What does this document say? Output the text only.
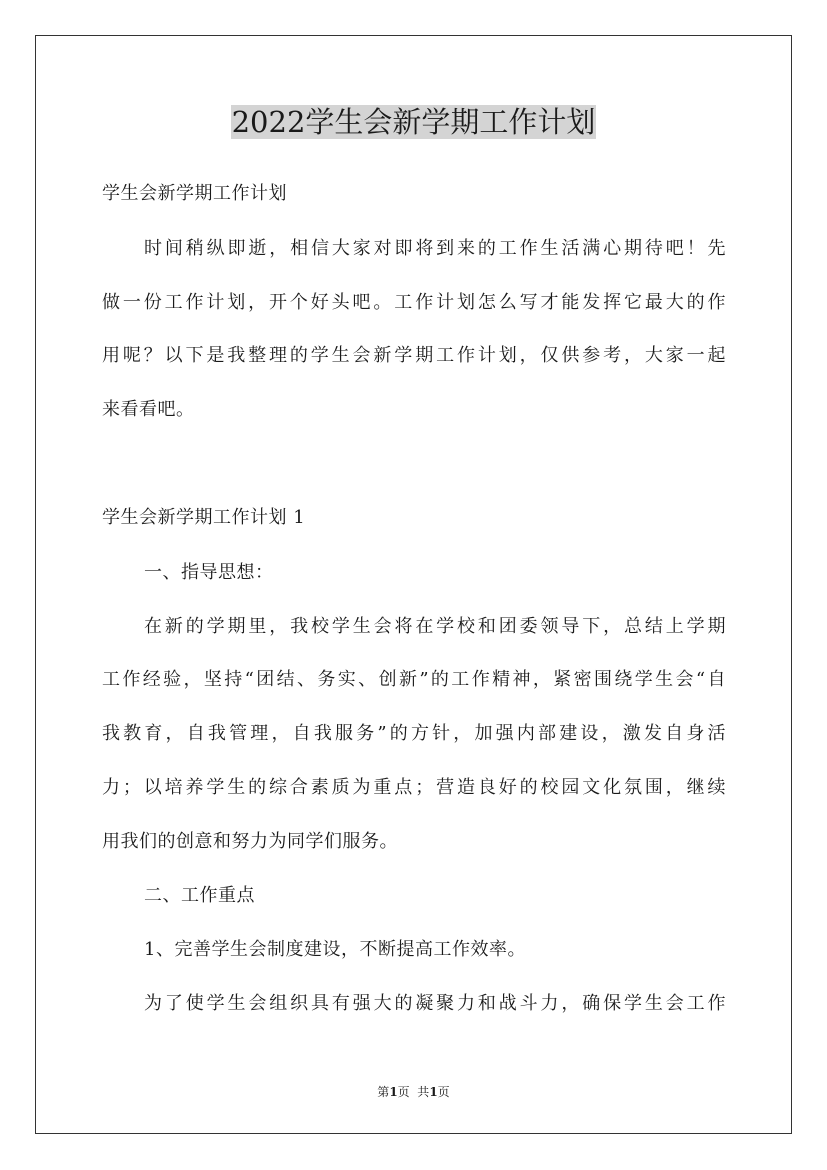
2022学生会新学期工作计划
学生会新学期工作计划
时间稍纵即逝，相信大家对即将到来的工作生活满心期待吧！先
做一份工作计划，开个好头吧。工作计划怎么写才能发挥它最大的作
用呢？以下是我整理的学生会新学期工作计划，仅供参考，大家一起
来看看吧。
学生会新学期工作计划 1
一、指导思想：
在新的学期里，我校学生会将在学校和团委领导下，总结上学期
工作经验，坚持“团结、务实、创新”的工作精神，紧密围绕学生会“自
我教育，自我管理，自我服务”的方针，加强内部建设，激发自身活
力；以培养学生的综合素质为重点；营造良好的校园文化氛围，继续
用我们的创意和努力为同学们服务。
二、工作重点
1、完善学生会制度建设，不断提高工作效率。
为了使学生会组织具有强大的凝聚力和战斗力，确保学生会工作
第1页  共1页
